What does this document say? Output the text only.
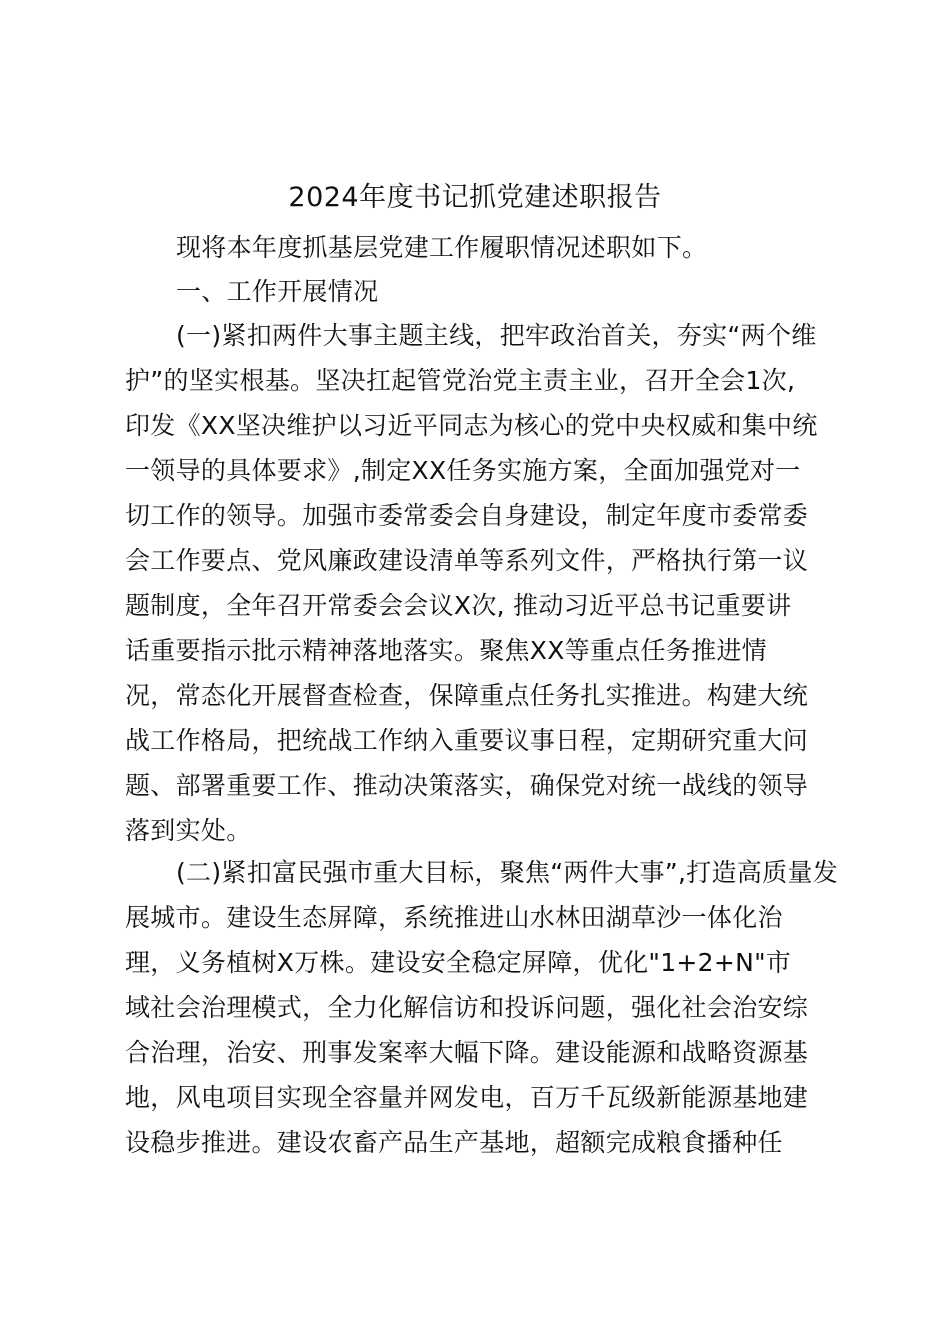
2024年度书记抓党建述职报告
现将本年度抓基层党建工作履职情况述职如下。
一、工作开展情况
(一)紧扣两件大事主题主线，把牢政治首关，夯实“两个维
护”的坚实根基。坚决扛起管党治党主责主业，召开全会1次,
印发《XX坚决维护以习近平同志为核心的党中央权威和集中统
一领导的具体要求》,制定XX任务实施方案，全面加强党对一
切工作的领导。加强市委常委会自身建设，制定年度市委常委
会工作要点、党风廉政建设清单等系列文件，严格执行第一议
题制度，全年召开常委会会议X次, 推动习近平总书记重要讲
话重要指示批示精神落地落实。聚焦XX等重点任务推进情
况，常态化开展督查检查，保障重点任务扎实推进。构建大统
战工作格局，把统战工作纳入重要议事日程，定期研究重大问
题、部署重要工作、推动决策落实，确保党对统一战线的领导
落到实处。
(二)紧扣富民强市重大目标，聚焦“两件大事”,打造高质量发
展城市。建设生态屏障，系统推进山水林田湖草沙一体化治
理，义务植树X万株。建设安全稳定屏障，优化"1+2+N"市
域社会治理模式，全力化解信访和投诉问题，强化社会治安综
合治理，治安、刑事发案率大幅下降。建设能源和战略资源基
地，风电项目实现全容量并网发电，百万千瓦级新能源基地建
设稳步推进。建设农畜产品生产基地，超额完成粮食播种任
